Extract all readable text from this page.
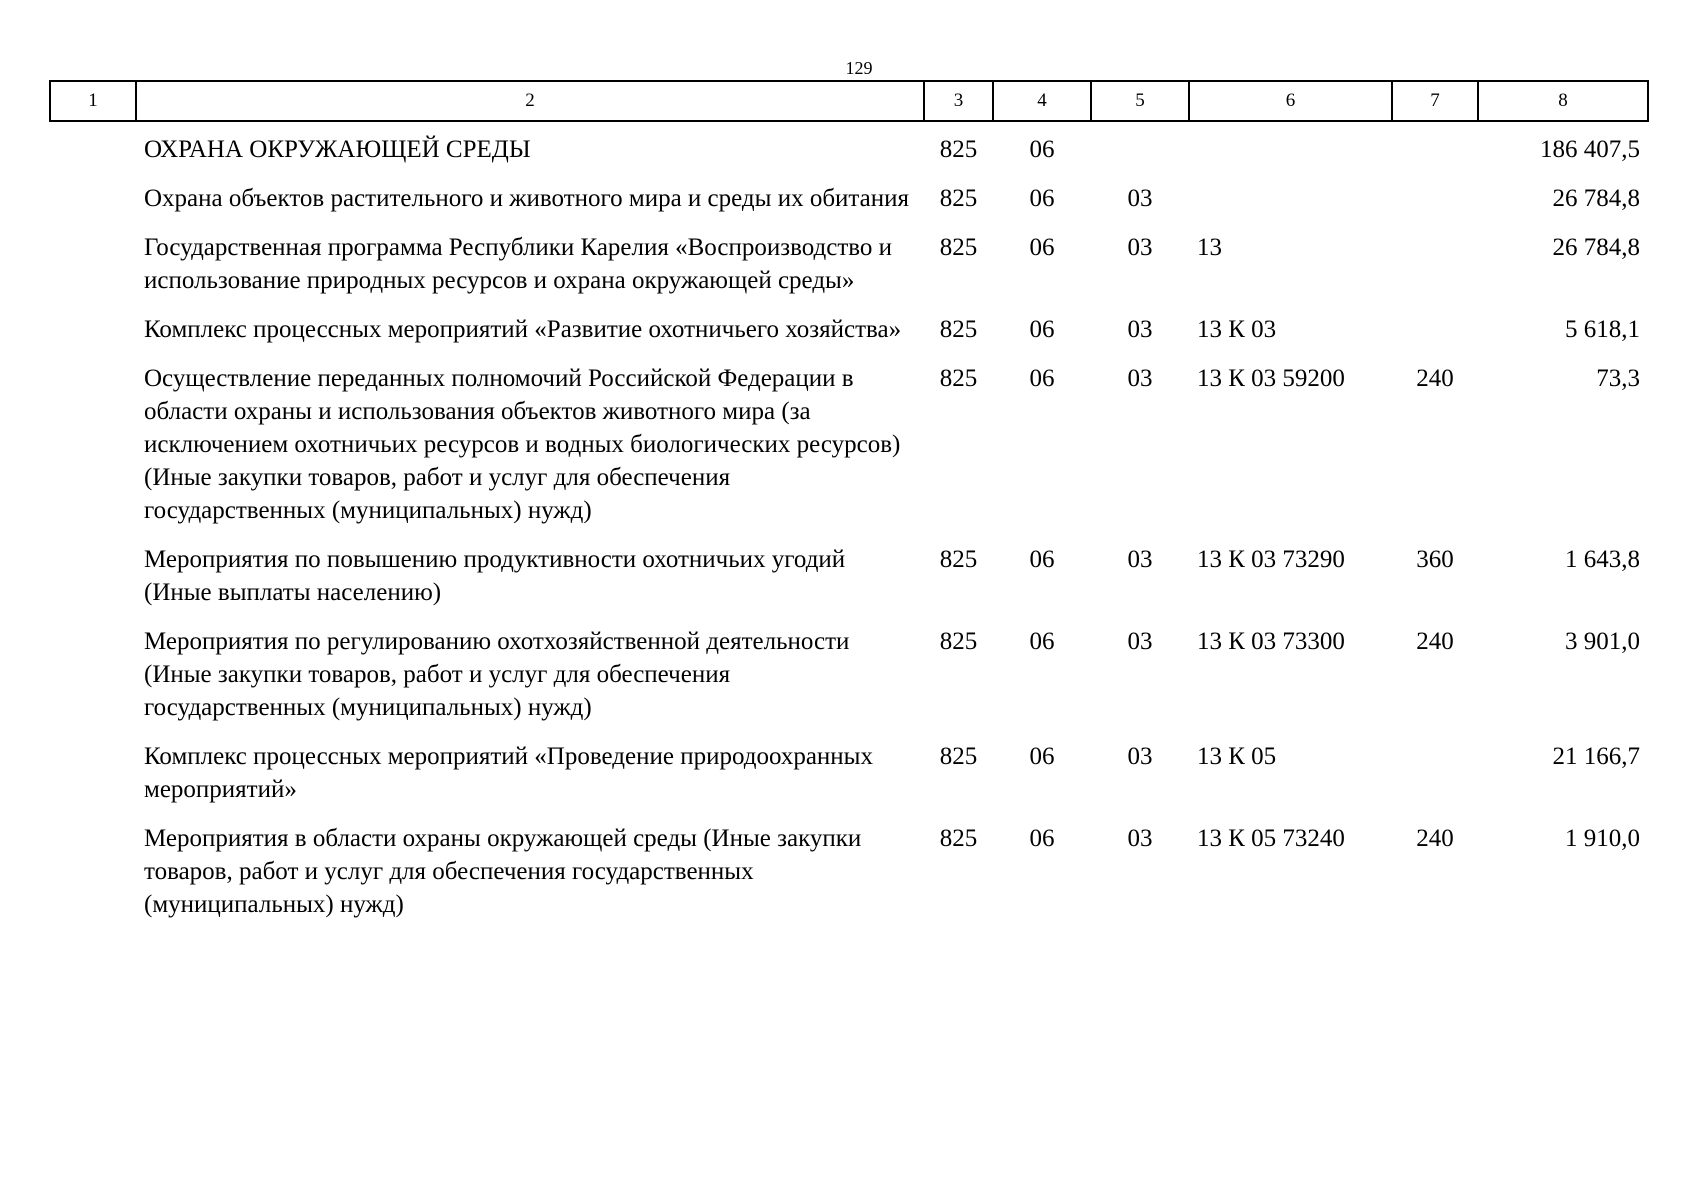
129
1	2	3	4	5	6	7	8
	ОХРАНА ОКРУЖАЮЩЕЙ СРЕДЫ	825	06				186 407,5
	Охрана объектов растительного и животного мира и среды их обитания	825	06	03			26 784,8
	Государственная программа Республики Карелия «Воспроизводство и использование природных ресурсов и охрана окружающей среды»	825	06	03	13		26 784,8
	Комплекс процессных мероприятий «Развитие охотничьего хозяйства»	825	06	03	13 К 03		5 618,1
	Осуществление переданных полномочий Российской Федерации в области охраны и использования объектов животного мира (за исключением охотничьих ресурсов и водных биологических ресурсов) (Иные закупки товаров, работ и услуг для обеспечения государственных (муниципальных) нужд)	825	06	03	13 К 03 59200	240	73,3
	Мероприятия по повышению продуктивности охотничьих угодий (Иные выплаты населению)	825	06	03	13 К 03 73290	360	1 643,8
	Мероприятия по регулированию охотхозяйственной деятельности (Иные закупки товаров, работ и услуг для обеспечения государственных (муниципальных) нужд)	825	06	03	13 К 03 73300	240	3 901,0
	Комплекс процессных мероприятий «Проведение природоохранных мероприятий»	825	06	03	13 К 05		21 166,7
	Мероприятия в области охраны окружающей среды (Иные закупки товаров, работ и услуг для обеспечения государственных (муниципальных) нужд)	825	06	03	13 К 05 73240	240	1 910,0
